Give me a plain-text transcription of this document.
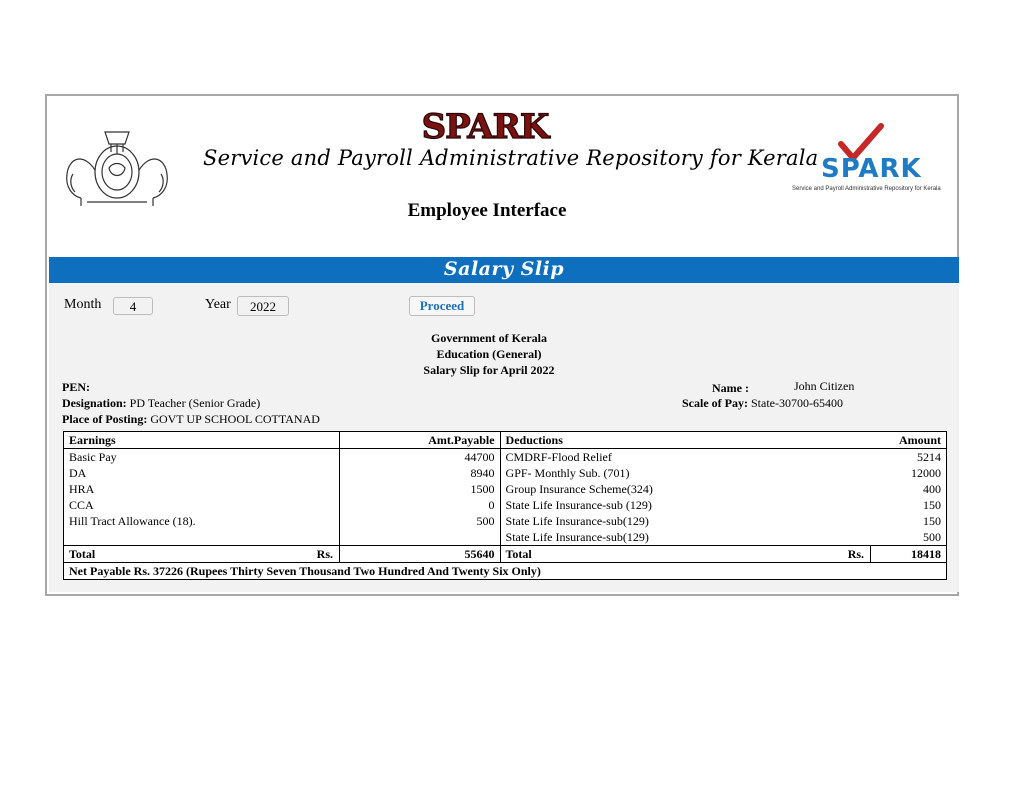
SPARK
Service and Payroll Administrative Repository for Kerala
Employee Interface
SPARK
Service and Payroll Administrative Repository for Kerala
Salary Slip
Month	4	Year	2022	Proceed
Government of Kerala
Education (General)
Salary Slip for April 2022
PEN:
Designation: PD Teacher (Senior Grade)
Place of Posting: GOVT UP SCHOOL COTTANAD
Name :	John Citizen
Scale of Pay: State-30700-65400
Earnings	Amt.Payable	Deductions	Amount
Basic Pay	44700	CMDRF-Flood Relief	5214
DA	8940	GPF- Monthly Sub. (701)	12000
HRA	1500	Group Insurance Scheme(324)	400
CCA	0	State Life Insurance-sub (129)	150
Hill Tract Allowance (18).	500	State Life Insurance-sub(129)	150
		State Life Insurance-sub(129)	500
Total Rs.	55640	Total Rs.	18418
Net Payable Rs. 37226 (Rupees Thirty Seven Thousand Two Hundred And Twenty Six Only)			
